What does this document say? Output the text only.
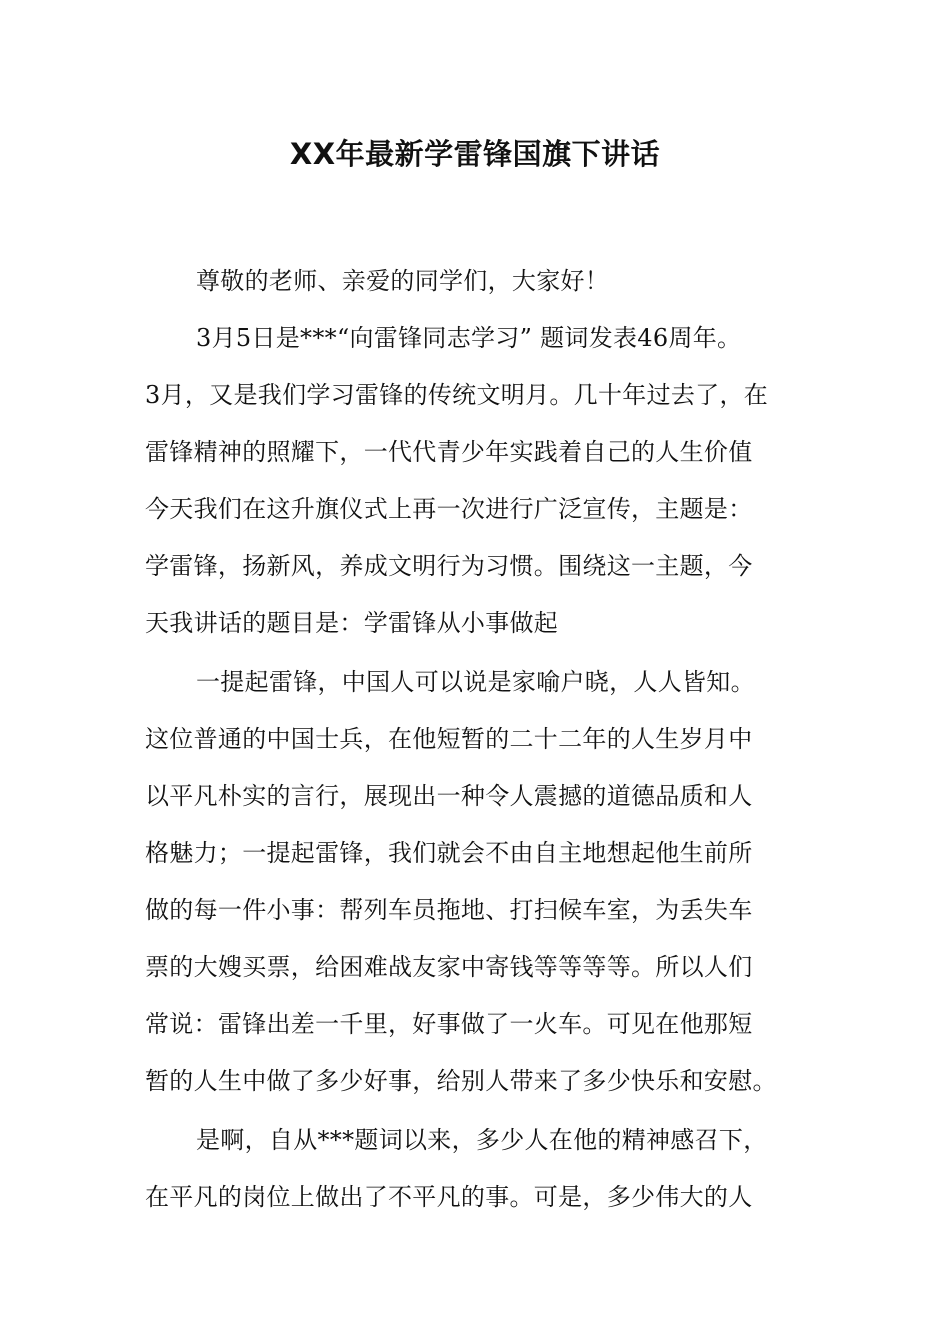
XX年最新学雷锋国旗下讲话

尊敬的老师、亲爱的同学们，大家好！

3月5日是***“向雷锋同志学习” 题词发表46周年。

3月，又是我们学习雷锋的传统文明月。几十年过去了，在

雷锋精神的照耀下，一代代青少年实践着自己的人生价值

今天我们在这升旗仪式上再一次进行广泛宣传，主题是：

学雷锋，扬新风，养成文明行为习惯。围绕这一主题，今

天我讲话的题目是：学雷锋从小事做起

一提起雷锋，中国人可以说是家喻户晓，人人皆知。

这位普通的中国士兵，在他短暂的二十二年的人生岁月中

以平凡朴实的言行，展现出一种令人震撼的道德品质和人

格魅力；一提起雷锋，我们就会不由自主地想起他生前所

做的每一件小事：帮列车员拖地、打扫候车室，为丢失车

票的大嫂买票，给困难战友家中寄钱等等等等。所以人们

常说：雷锋出差一千里，好事做了一火车。可见在他那短

暂的人生中做了多少好事，给别人带来了多少快乐和安慰。

是啊，自从***题词以来，多少人在他的精神感召下，

在平凡的岗位上做出了不平凡的事。可是，多少伟大的人
